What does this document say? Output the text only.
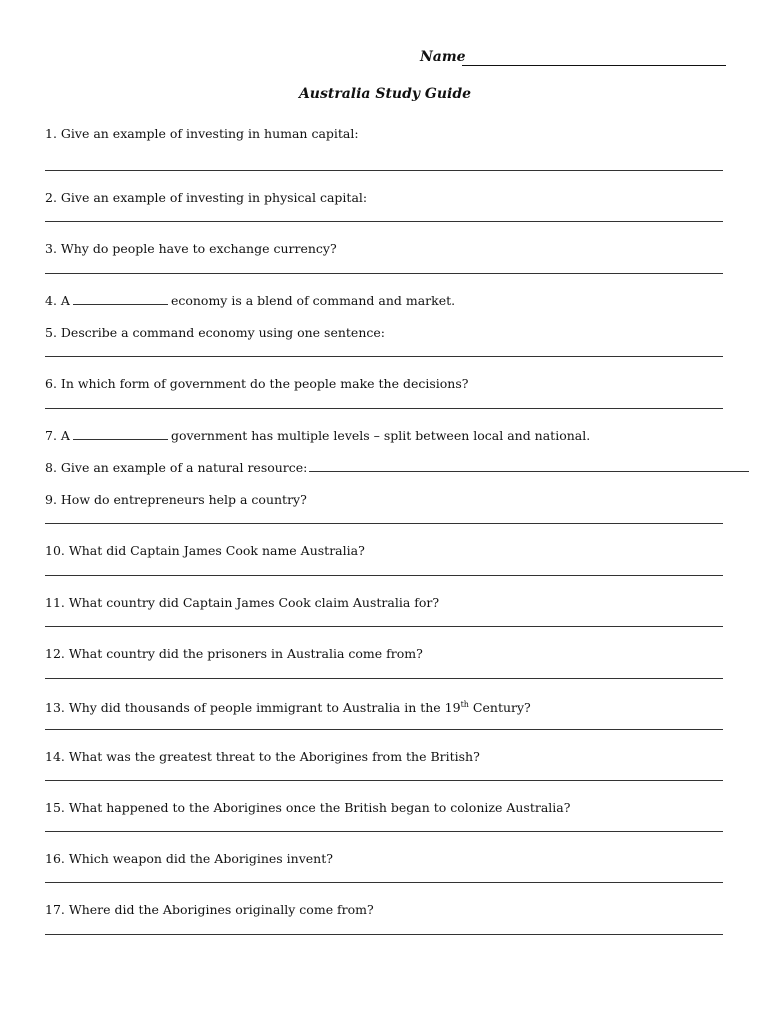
Name
Australia Study Guide
1. Give an example of investing in human capital:
2. Give an example of investing in physical capital:
3. Why do people have to exchange currency?
4. A	economy is a blend of command and market.
5. Describe a command economy using one sentence:
6. In which form of government do the people make the decisions?
7. A	government has multiple levels – split between local and national.
8. Give an example of a natural resource:
9. How do entrepreneurs help a country?
10. What did Captain James Cook name Australia?
11. What country did Captain James Cook claim Australia for?
12. What country did the prisoners in Australia come from?
13. Why did thousands of people immigrant to Australia in the 19th Century?
14. What was the greatest threat to the Aborigines from the British?
15. What happened to the Aborigines once the British began to colonize Australia?
16. Which weapon did the Aborigines invent?
17. Where did the Aborigines originally come from?
